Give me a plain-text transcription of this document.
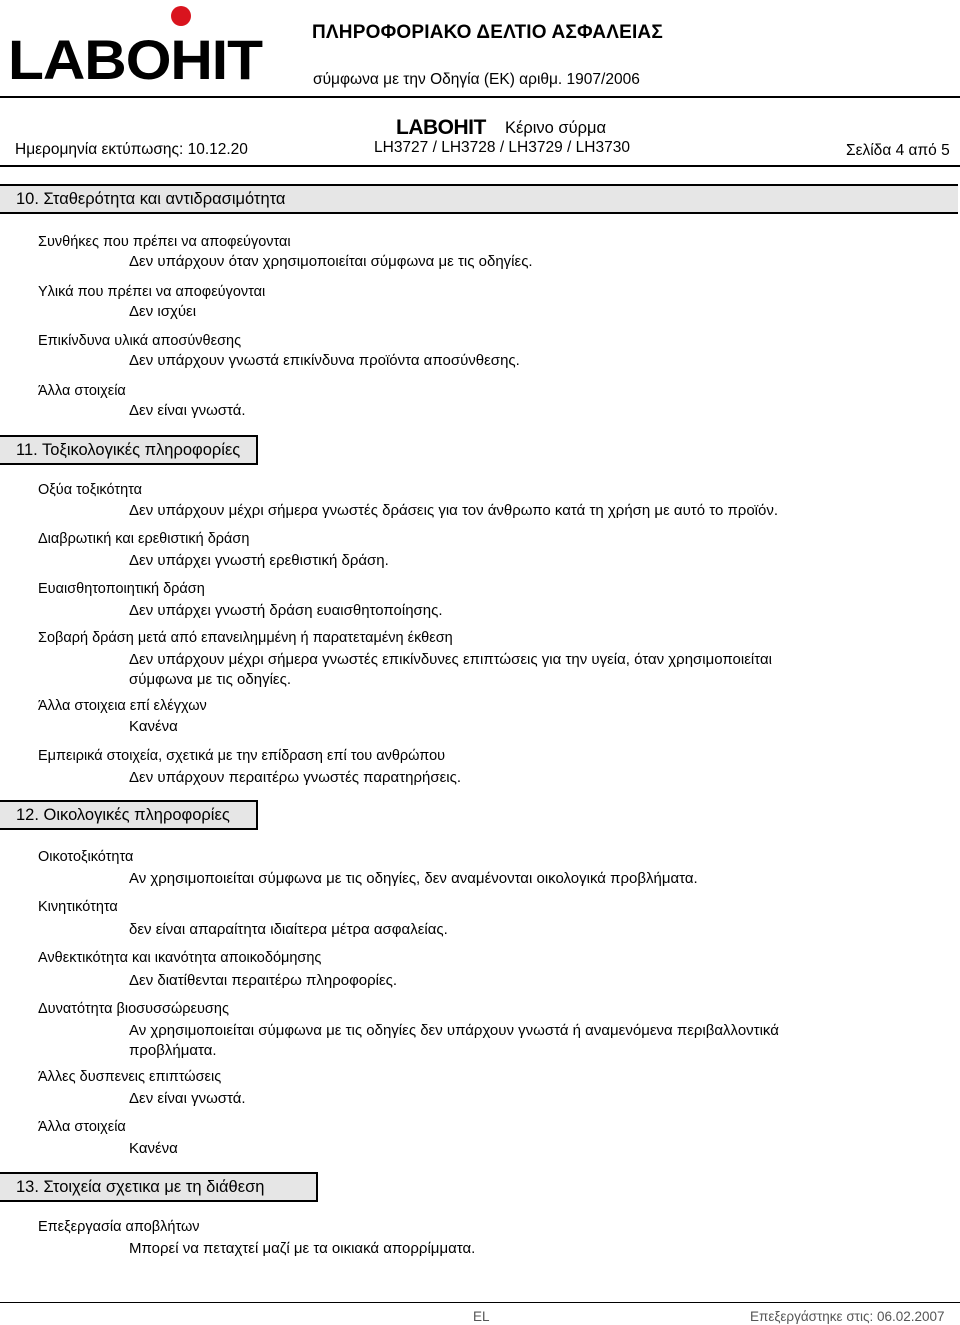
LABOHIT	ΠΛΗΡΟΦΟΡΙΑΚΟ ΔΕΛΤΙΟ ΑΣΦΑΛΕΙΑΣ
σύμφωνα με την Οδηγία (ΕΚ) αριθμ. 1907/2006
Ημερομηνία εκτύπωσης: 10.12.20
LABOHIT Κέρινο σύρμα
LH3727 / LH3728 / LH3729 / LH3730	Σελίδα 4 από 5
10. Σταθερότητα και αντιδρασιμότητα
Συνθήκες που πρέπει να αποφεύγονται
Δεν υπάρχουν όταν χρησιμοποιείται σύμφωνα με τις οδηγίες.
Υλικά που πρέπει να αποφεύγονται
Δεν ισχύει
Επικίνδυνα υλικά αποσύνθεσης
Δεν υπάρχουν γνωστά επικίνδυνα προϊόντα αποσύνθεσης.
Άλλα στοιχεία
Δεν είναι γνωστά.
11. Τοξικολογικές πληροφορίες
Οξύα τοξικότητα
Δεν υπάρχουν μέχρι σήμερα γνωστές δράσεις για τον άνθρωπο κατά τη χρήση με αυτό το προϊόν.
Διαβρωτική και ερεθιστική δράση
Δεν υπάρχει γνωστή ερεθιστική δράση.
Ευαισθητοποιητική δράση
Δεν υπάρχει γνωστή δράση ευαισθητοποίησης.
Σοβαρή δράση μετά από επανειλημμένη ή παρατεταμένη έκθεση
Δεν υπάρχουν μέχρι σήμερα γνωστές επικίνδυνες επιπτώσεις για την υγεία, όταν χρησιμοποιείται σύμφωνα με τις οδηγίες.
Άλλα στοιχεια επί ελέγχων
Κανένα
Εμπειρικά στοιχεία, σχετικά με την επίδραση επί του ανθρώπου
Δεν υπάρχουν περαιτέρω γνωστές παρατηρήσεις.
12. Οικολογικές πληροφορίες
Οικοτοξικότητα
Αν χρησιμοποιείται σύμφωνα με τις οδηγίες, δεν αναμένονται οικολογικά προβλήματα.
Κινητικότητα
δεν είναι απαραίτητα ιδιαίτερα μέτρα ασφαλείας.
Ανθεκτικότητα και ικανότητα αποικοδόμησης
Δεν διατίθενται περαιτέρω πληροφορίες.
Δυνατότητα βιοσυσσώρευσης
Αν χρησιμοποιείται σύμφωνα με τις οδηγίες δεν υπάρχουν γνωστά ή αναμενόμενα περιβαλλοντικά προβλήματα.
Άλλες δυσπενεις επιπτώσεις
Δεν είναι γνωστά.
Άλλα στοιχεία
Κανένα
13. Στοιχεία σχετικα με τη διάθεση
Επεξεργασία αποβλήτων
Μπορεί να πεταχτεί μαζί με τα οικιακά απορρίμματα.
EL	Επεξεργάστηκε στις: 06.02.2007
